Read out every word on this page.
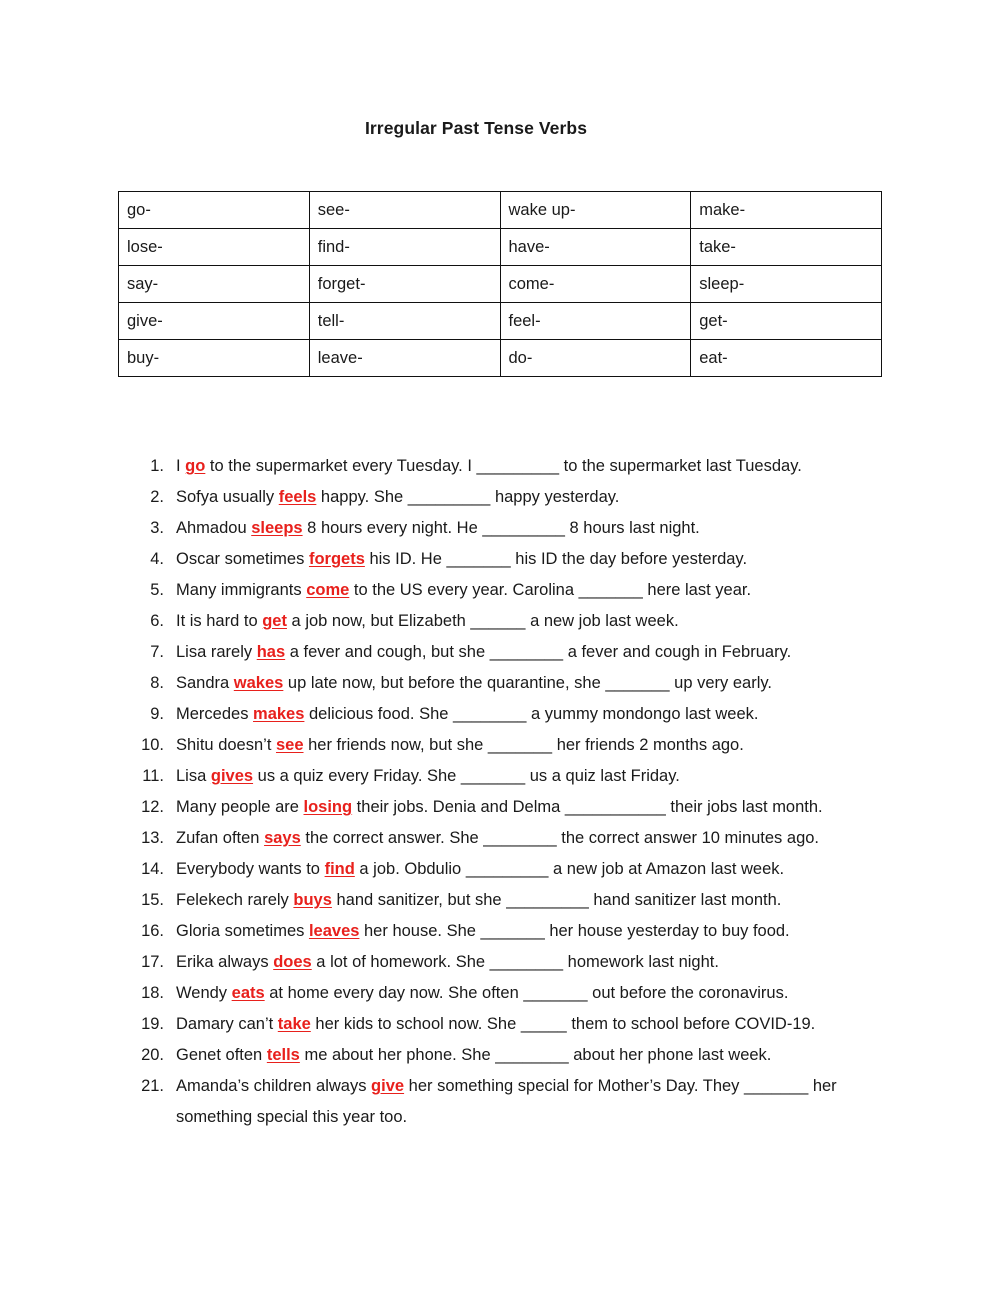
Irregular Past Tense Verbs
go-	see-	wake up-	make-
lose-	find-	have-	take-
say-	forget-	come-	sleep-
give-	tell-	feel-	get-
buy-	leave-	do-	eat-
1. I go to the supermarket every Tuesday. I _________ to the supermarket last Tuesday.
2. Sofya usually feels happy. She _________ happy yesterday.
3. Ahmadou sleeps 8 hours every night. He _________ 8 hours last night.
4. Oscar sometimes forgets his ID. He _______ his ID the day before yesterday.
5. Many immigrants come to the US every year. Carolina _______ here last year.
6. It is hard to get a job now, but Elizabeth ______ a new job last week.
7. Lisa rarely has a fever and cough, but she ________ a fever and cough in February.
8. Sandra wakes up late now, but before the quarantine, she _______ up very early.
9. Mercedes makes delicious food. She ________ a yummy mondongo last week.
10. Shitu doesn’t see her friends now, but she _______ her friends 2 months ago.
11. Lisa gives us a quiz every Friday. She _______ us a quiz last Friday.
12. Many people are losing their jobs. Denia and Delma ___________ their jobs last month.
13. Zufan often says the correct answer. She ________ the correct answer 10 minutes ago.
14. Everybody wants to find a job. Obdulio _________ a new job at Amazon last week.
15. Felekech rarely buys hand sanitizer, but she _________ hand sanitizer last month.
16. Gloria sometimes leaves her house. She _______ her house yesterday to buy food.
17. Erika always does a lot of homework. She ________ homework last night.
18. Wendy eats at home every day now. She often _______ out before the coronavirus.
19. Damary can’t take her kids to school now. She _____ them to school before COVID-19.
20. Genet often tells me about her phone. She ________ about her phone last week.
21. Amanda’s children always give her something special for Mother’s Day. They _______ her something special this year too.
